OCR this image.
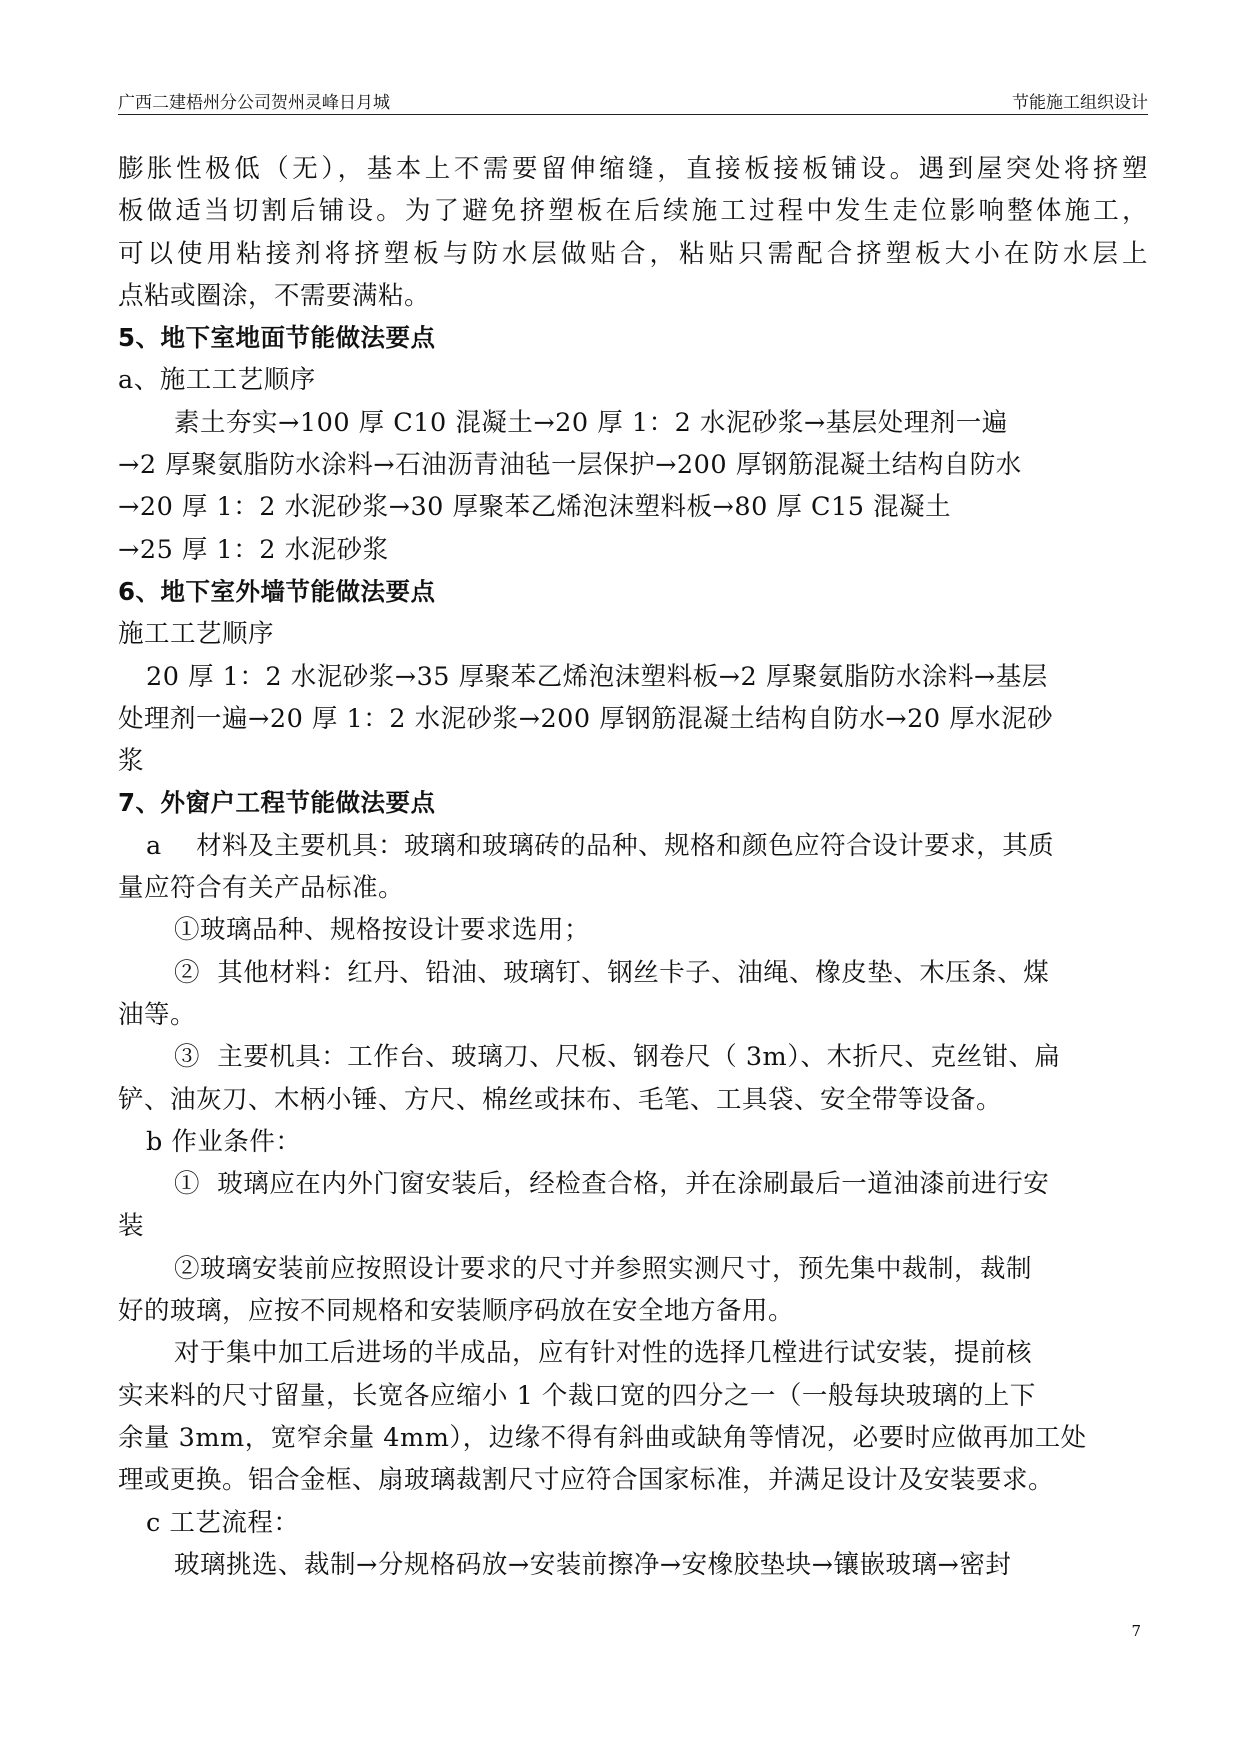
广西二建梧州分公司贺州灵峰日月城	节能施工组织设计
膨胀性极低（无），基本上不需要留伸缩缝，直接板接板铺设。遇到屋突处将挤塑
板做适当切割后铺设。为了避免挤塑板在后续施工过程中发生走位影响整体施工，
可以使用粘接剂将挤塑板与防水层做贴合，粘贴只需配合挤塑板大小在防水层上
点粘或圈涂，不需要满粘。
5、地下室地面节能做法要点
a、施工工艺顺序
素土夯实→100 厚 C10 混凝土→20 厚 1：2 水泥砂浆→基层处理剂一遍
→2 厚聚氨脂防水涂料→石油沥青油毡一层保护→200 厚钢筋混凝土结构自防水
→20 厚 1：2 水泥砂浆→30 厚聚苯乙烯泡沫塑料板→80 厚 C15 混凝土
→25 厚 1：2 水泥砂浆
6、地下室外墙节能做法要点
施工工艺顺序
20 厚 1：2 水泥砂浆→35 厚聚苯乙烯泡沫塑料板→2 厚聚氨脂防水涂料→基层
处理剂一遍→20 厚 1：2 水泥砂浆→200 厚钢筋混凝土结构自防水→20 厚水泥砂
浆
7、外窗户工程节能做法要点
a    材料及主要机具：玻璃和玻璃砖的品种、规格和颜色应符合设计要求，其质
量应符合有关产品标准。
①玻璃品种、规格按设计要求选用；
②  其他材料：红丹、铅油、玻璃钉、钢丝卡子、油绳、橡皮垫、木压条、煤
油等。
③  主要机具：工作台、玻璃刀、尺板、钢卷尺（ 3m）、木折尺、克丝钳、扁
铲、油灰刀、木柄小锤、方尺、棉丝或抹布、毛笔、工具袋、安全带等设备。
b 作业条件：
①  玻璃应在内外门窗安装后，经检查合格，并在涂刷最后一道油漆前进行安
装
②玻璃安装前应按照设计要求的尺寸并参照实测尺寸，预先集中裁制，裁制
好的玻璃，应按不同规格和安装顺序码放在安全地方备用。
对于集中加工后进场的半成品，应有针对性的选择几樘进行试安装，提前核
实来料的尺寸留量，长宽各应缩小 1 个裁口宽的四分之一（一般每块玻璃的上下
余量 3mm，宽窄余量 4mm），边缘不得有斜曲或缺角等情况，必要时应做再加工处
理或更换。铝合金框、扇玻璃裁割尺寸应符合国家标准，并满足设计及安装要求。
c 工艺流程：
玻璃挑选、裁制→分规格码放→安装前擦净→安橡胶垫块→镶嵌玻璃→密封
7
